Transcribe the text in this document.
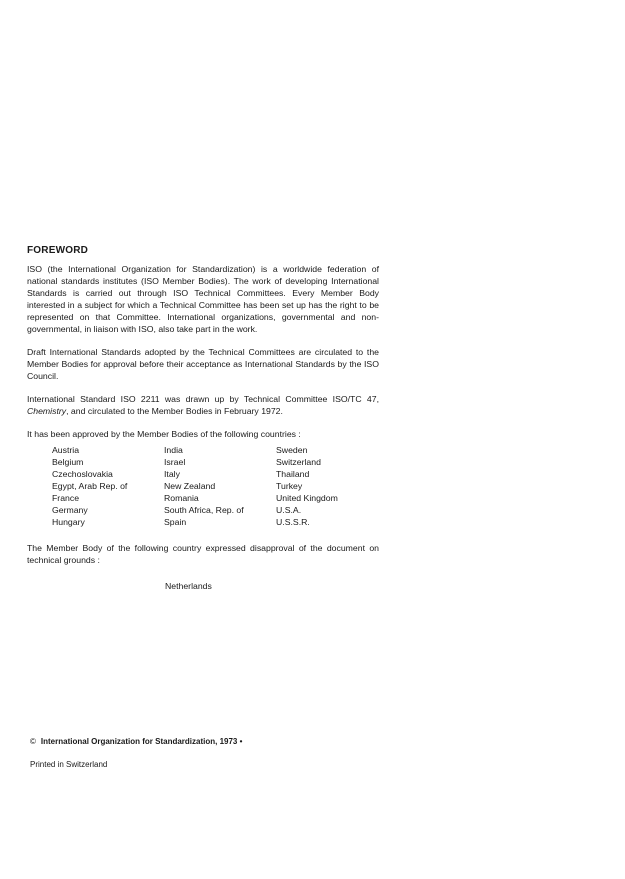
FOREWORD

ISO (the International Organization for Standardization) is a worldwide federation of national standards institutes (ISO Member Bodies). The work of developing International Standards is carried out through ISO Technical Committees. Every Member Body interested in a subject for which a Technical Committee has been set up has the right to be represented on that Committee. International organizations, governmental and non-governmental, in liaison with ISO, also take part in the work.

Draft International Standards adopted by the Technical Committees are circulated to the Member Bodies for approval before their acceptance as International Standards by the ISO Council.

International Standard ISO 2211 was drawn up by Technical Committee ISO/TC 47, Chemistry, and circulated to the Member Bodies in February 1972.

It has been approved by the Member Bodies of the following countries :

Austria
Belgium
Czechoslovakia
Egypt, Arab Rep. of
France
Germany
Hungary
India
Israel
Italy
New Zealand
Romania
South Africa, Rep. of
Spain
Sweden
Switzerland
Thailand
Turkey
United Kingdom
U.S.A.
U.S.S.R.

The Member Body of the following country expressed disapproval of the document on technical grounds :

Netherlands
© International Organization for Standardization, 1973 •
Printed in Switzerland
